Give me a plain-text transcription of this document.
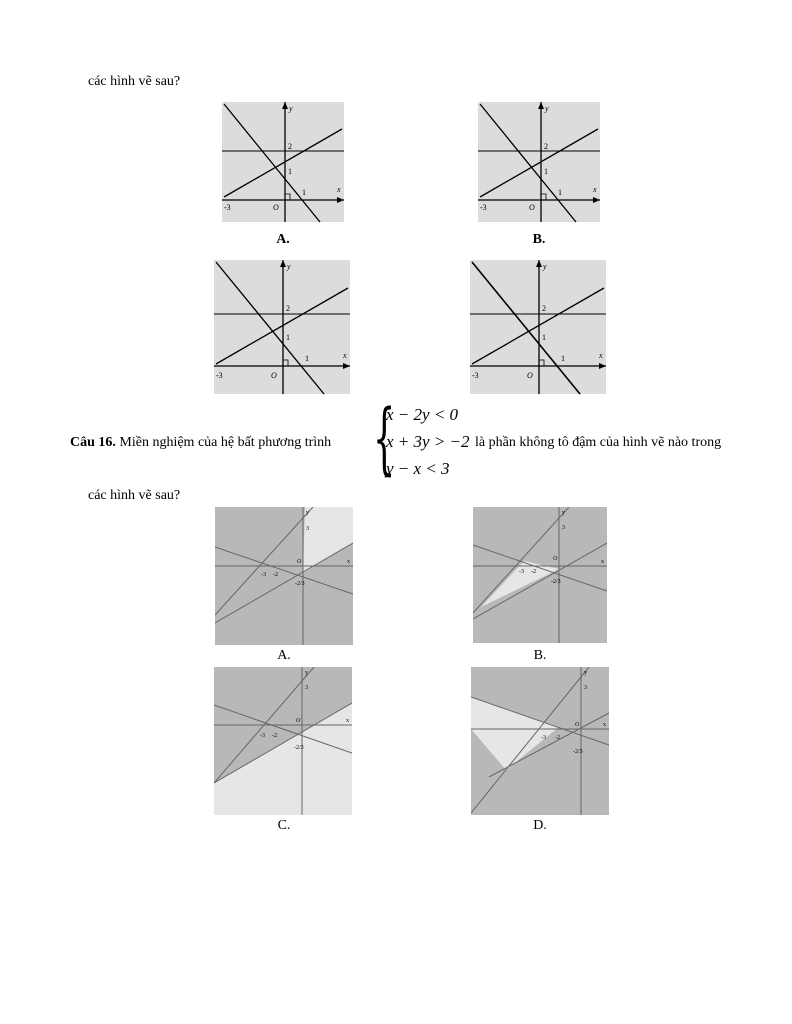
các hình vẽ sau?
y
x
O
2
1
1
-3
A.
y
x
O
2
1
1
-3
B.
y
x
O
2
1
1
-3
y
x
O
2
1
1
-3
Câu 16. Miền nghiệm của hệ bất phương trình {
x − 2y < 0
x + 3y > −2
y − x < 3
là phần không tô đậm của hình vẽ nào trong
các hình vẽ sau?
y
x
O
3
-3 -2
-2/3
A.
y
x
O
3
-3 -2
-2/3
B.
y
x
O
3
-3 -2
-2/3
C.
y
x
O
3
-3 -2
-2/3
D.
